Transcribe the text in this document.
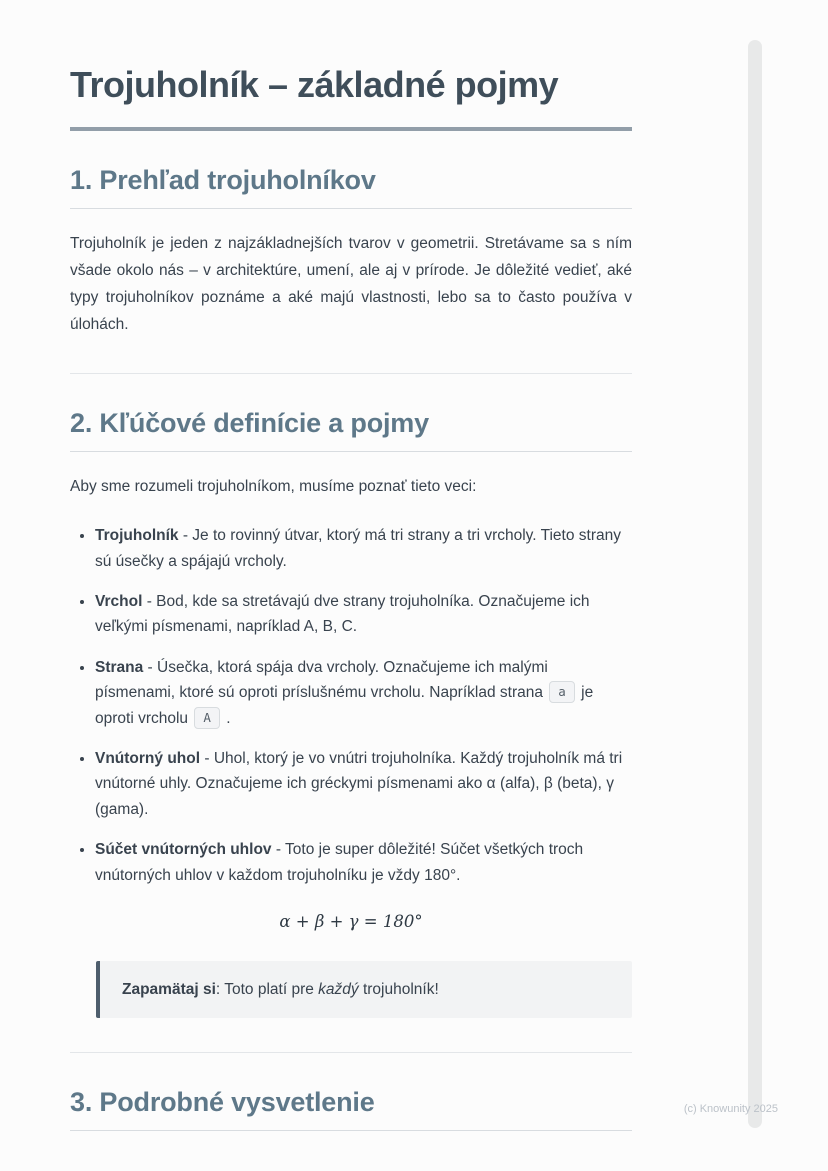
Trojuholník – základné pojmy
1. Prehľad trojuholníkov

Trojuholník je jeden z najzákladnejších tvarov v geometrii. Stretávame sa s ním všade okolo nás – v architektúre, umení, ale aj v prírode. Je dôležité vedieť, aké typy trojuholníkov poznáme a aké majú vlastnosti, lebo sa to často používa v úlohách.

2. Kľúčové definície a pojmy

Aby sme rozumeli trojuholníkom, musíme poznať tieto veci:

• Trojuholník - Je to rovinný útvar, ktorý má tri strany a tri vrcholy. Tieto strany sú úsečky a spájajú vrcholy.
• Vrchol - Bod, kde sa stretávajú dve strany trojuholníka. Označujeme ich veľkými písmenami, napríklad A, B, C.
• Strana - Úsečka, ktorá spája dva vrcholy. Označujeme ich malými písmenami, ktoré sú oproti príslušnému vrcholu. Napríklad strana a je oproti vrcholu A .
• Vnútorný uhol - Uhol, ktorý je vo vnútri trojuholníka. Každý trojuholník má tri vnútorné uhly. Označujeme ich gréckymi písmenami ako α (alfa), β (beta), γ (gama).
• Súčet vnútorných uhlov - Toto je super dôležité! Súčet všetkých troch vnútorných uhlov v každom trojuholníku je vždy 180°.
α + β + γ = 180°
Zapamätaj si: Toto platí pre každý trojuholník!
3. Podrobné vysvetlenie	(c) Knowunity 2025
